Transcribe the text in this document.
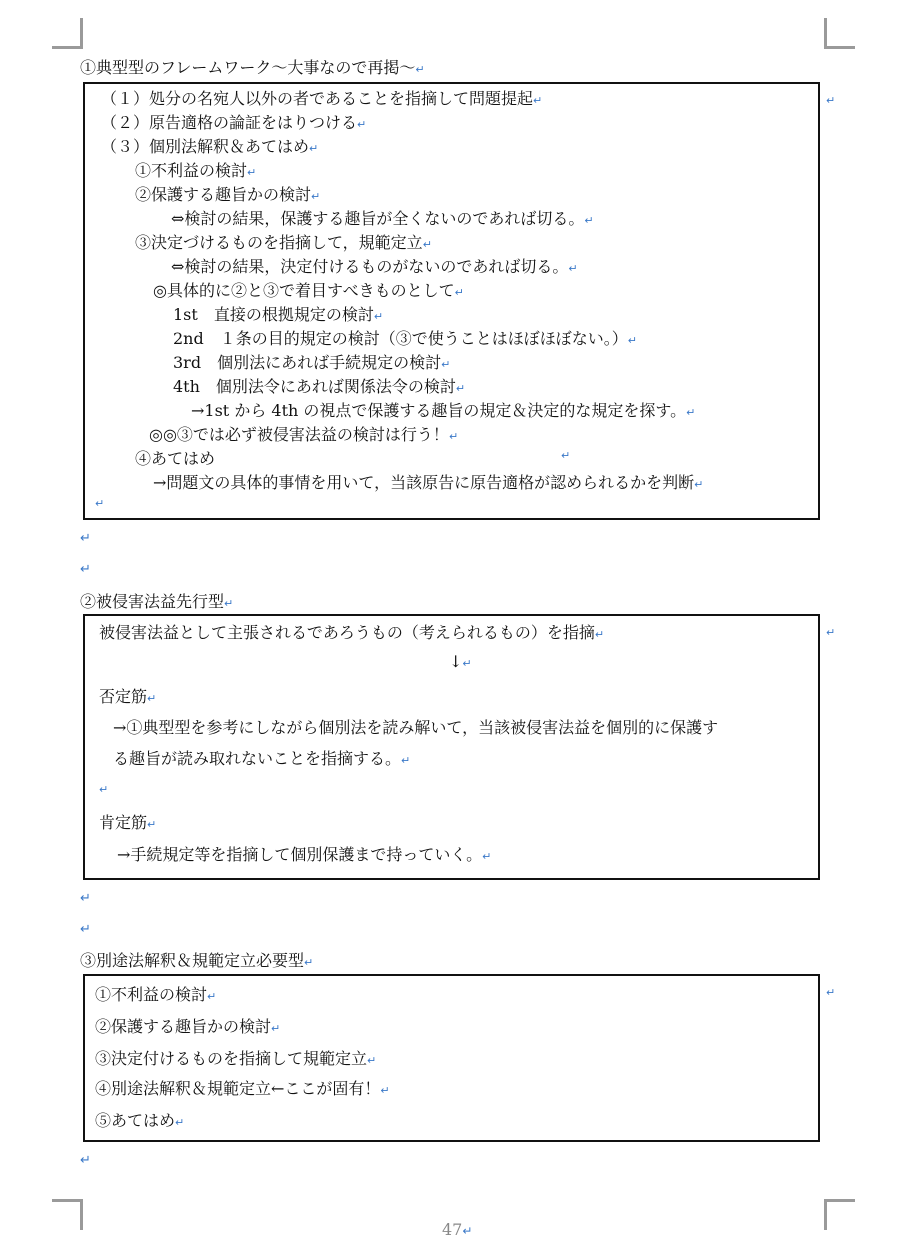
①典型型のフレームワーク～大事なので再掲～↵
（１）処分の名宛人以外の者であることを指摘して問題提起↵
（２）原告適格の論証をはりつける↵
（３）個別法解釈＆あてはめ↵
①不利益の検討↵
②保護する趣旨かの検討↵
⇔検討の結果，保護する趣旨が全くないのであれば切る。↵
③決定づけるものを指摘して，規範定立↵
⇔検討の結果，決定付けるものがないのであれば切る。↵
◎具体的に②と③で着目すべきものとして↵
1st　直接の根拠規定の検討↵
2nd　１条の目的規定の検討（③で使うことはほぼほぼない。）↵
3rd　個別法にあれば手続規定の検討↵
4th　個別法令にあれば関係法令の検討↵
→1st から 4th の視点で保護する趣旨の規定＆決定的な規定を探す。↵
◎◎③では必ず被侵害法益の検討は行う！↵
④あてはめ	↵
→問題文の具体的事情を用いて，当該原告に原告適格が認められるかを判断↵
↵
↵
↵
↵
②被侵害法益先行型↵
被侵害法益として主張されるであろうもの（考えられるもの）を指摘↵
↓↵
否定筋↵
→①典型型を参考にしながら個別法を読み解いて，当該被侵害法益を個別的に保護す
る趣旨が読み取れないことを指摘する。↵
↵
肯定筋↵
→手続規定等を指摘して個別保護まで持っていく。↵
↵
↵
↵
③別途法解釈＆規範定立必要型↵
①不利益の検討↵
②保護する趣旨かの検討↵
③決定付けるものを指摘して規範定立↵
④別途法解釈＆規範定立←ここが固有！↵
⑤あてはめ↵
↵
↵
47↵
